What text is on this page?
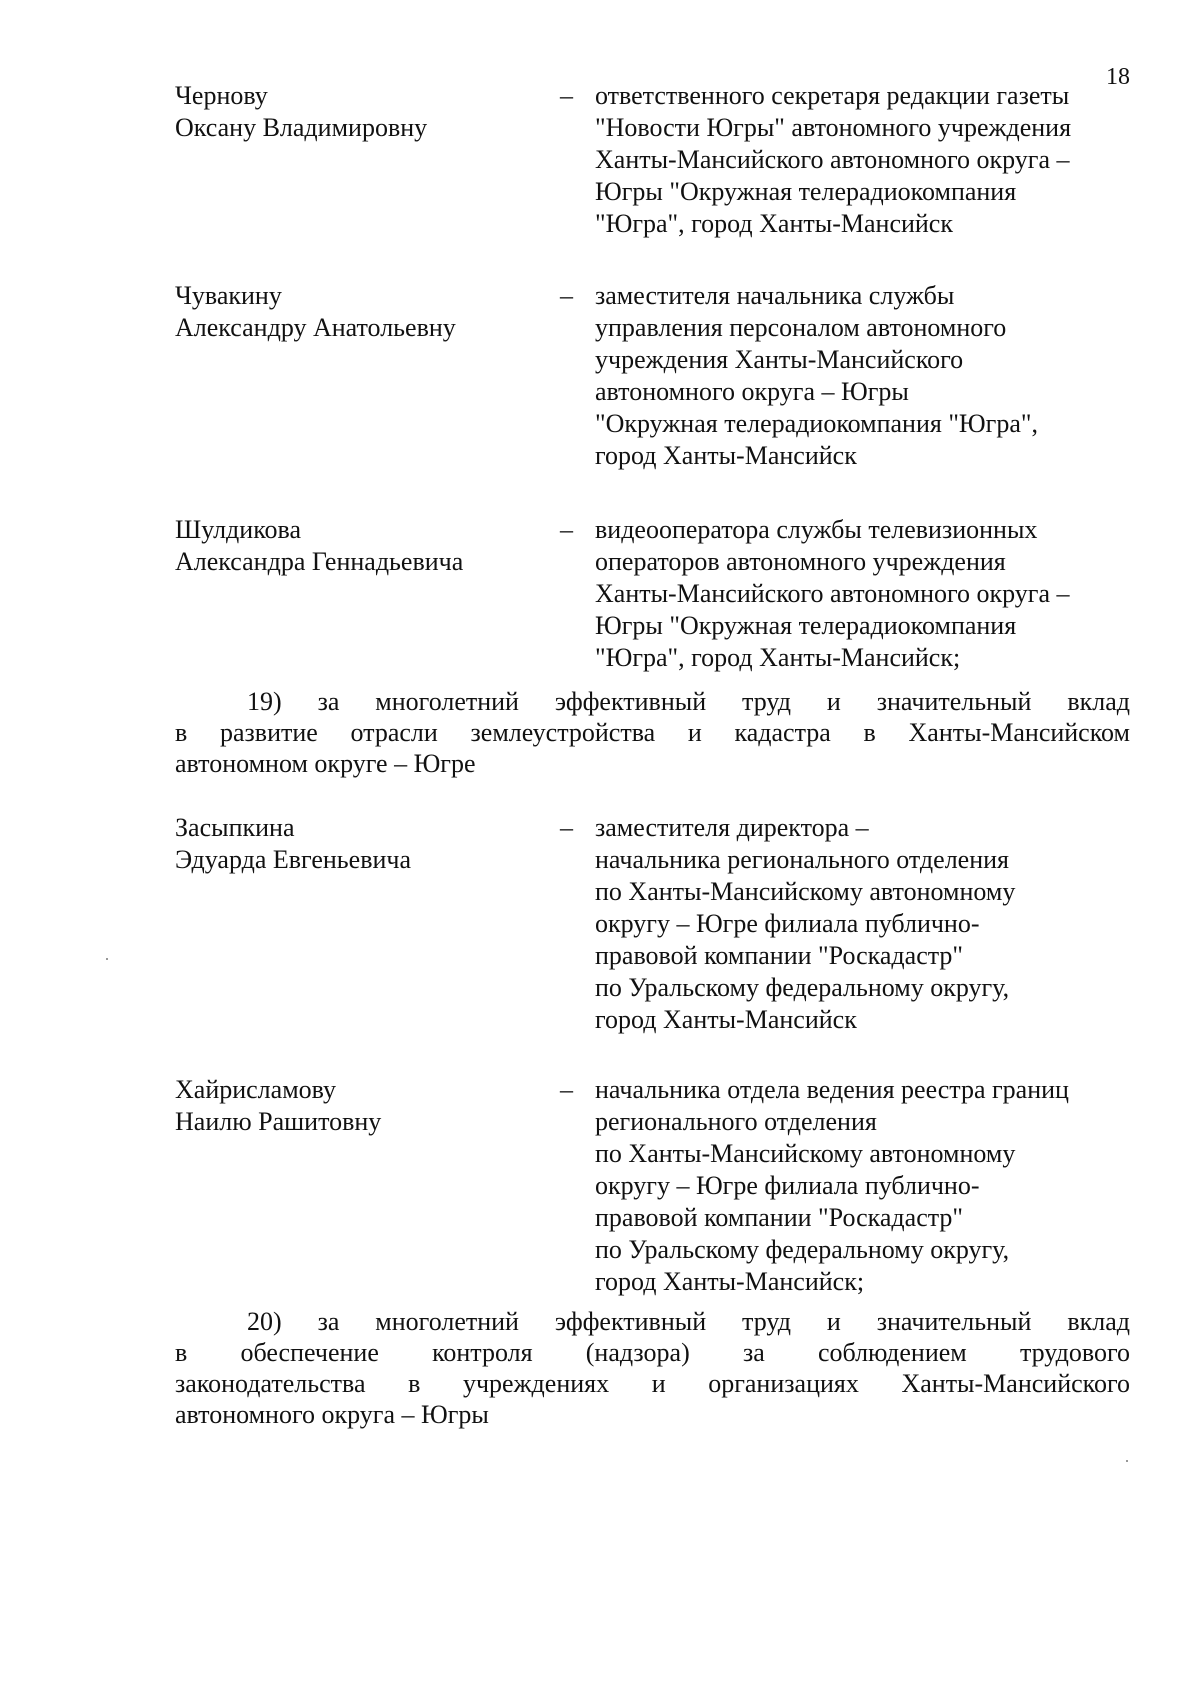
18
Чернову
Оксану Владимировну
– ответственного секретаря редакции газеты
"Новости Югры" автономного учреждения
Ханты-Мансийского автономного округа –
Югры "Окружная телерадиокомпания
"Югра", город Ханты-Мансийск
Чувакину
Александру Анатольевну
– заместителя начальника службы
управления персоналом автономного
учреждения Ханты-Мансийского
автономного округа – Югры
"Окружная телерадиокомпания "Югра",
город Ханты-Мансийск
Шулдикова
Александра Геннадьевича
– видеооператора службы телевизионных
операторов автономного учреждения
Ханты-Мансийского автономного округа –
Югры "Окружная телерадиокомпания
"Югра", город Ханты-Мансийск;
19) за многолетний эффективный труд и значительный вклад
в развитие отрасли землеустройства и кадастра в Ханты-Мансийском
автономном округе – Югре
Засыпкина
Эдуарда Евгеньевича
– заместителя директора –
начальника регионального отделения
по Ханты-Мансийскому автономному
округу – Югре филиала публично-
правовой компании "Роскадастр"
по Уральскому федеральному округу,
город Ханты-Мансийск
Хайрисламову
Наилю Рашитовну
– начальника отдела ведения реестра границ
регионального отделения
по Ханты-Мансийскому автономному
округу – Югре филиала публично-
правовой компании "Роскадастр"
по Уральскому федеральному округу,
город Ханты-Мансийск;
20) за многолетний эффективный труд и значительный вклад
в обеспечение контроля (надзора) за соблюдением трудового
законодательства в учреждениях и организациях Ханты-Мансийского
автономного округа – Югры
